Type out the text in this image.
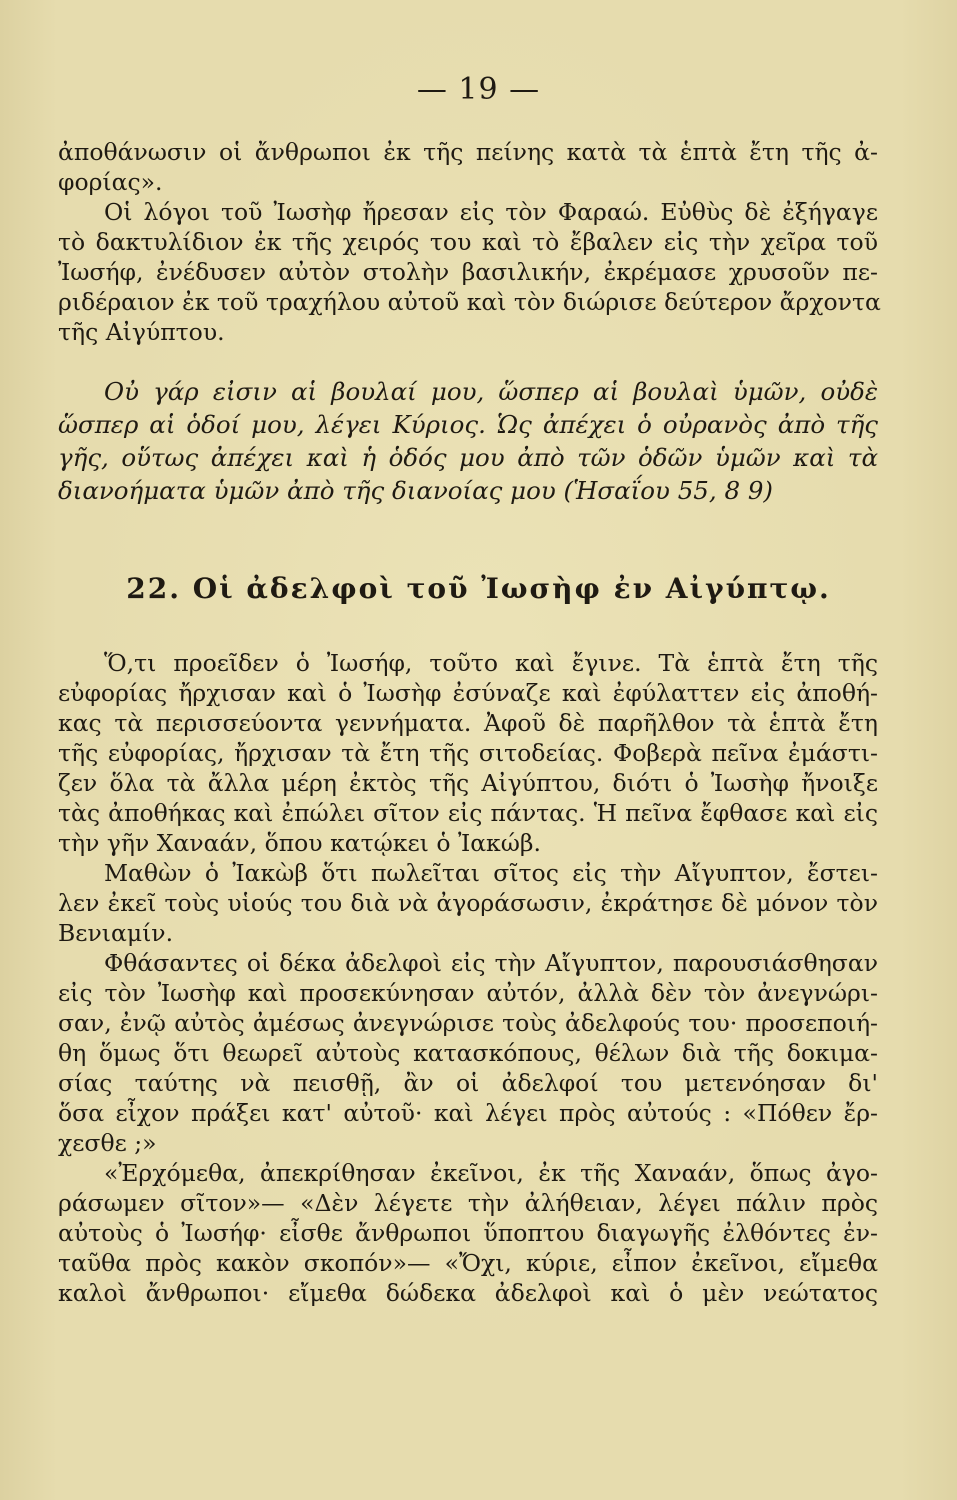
— 19 —
ἀποθάνωσιν οἱ ἄνθρωποι ἐκ τῆς πείνης κατὰ τὰ ἑπτὰ ἔτη τῆς ἀ-
φορίας».
Οἱ λόγοι τοῦ Ἰωσὴφ ἤρεσαν εἰς τὸν Φαραώ. Εὐθὺς δὲ ἐξήγαγε
τὸ δακτυλίδιον ἐκ τῆς χειρός του καὶ τὸ ἔβαλεν εἰς τὴν χεῖρα τοῦ
Ἰωσήφ, ἐνέδυσεν αὐτὸν στολὴν βασιλικήν, ἐκρέμασε χρυσοῦν πε-
ριδέραιον ἐκ τοῦ τραχήλου αὐτοῦ καὶ τὸν διώρισε δεύτερον ἄρχοντα
τῆς Αἰγύπτου.
Οὐ γάρ εἰσιν αἱ βουλαί μου, ὥσπερ αἱ βουλαὶ ὑμῶν, οὐδὲ
ὥσπερ αἱ ὁδοί μου, λέγει Κύριος. Ὡς ἀπέχει ὁ οὐρανὸς ἀπὸ τῆς
γῆς, οὕτως ἀπέχει καὶ ἡ ὁδός μου ἀπὸ τῶν ὁδῶν ὑμῶν καὶ τὰ
διανοήματα ὑμῶν ἀπὸ τῆς διανοίας μου (Ἡσαΐου 55, 8 9)
22. Οἱ ἀδελφοὶ τοῦ Ἰωσὴφ ἐν Αἰγύπτῳ.
Ὅ,τι προεῖδεν ὁ Ἰωσήφ, τοῦτο καὶ ἔγινε. Τὰ ἑπτὰ ἔτη τῆς
εὐφορίας ἤρχισαν καὶ ὁ Ἰωσὴφ ἐσύναζε καὶ ἐφύλαττεν εἰς ἀποθή-
κας τὰ περισσεύοντα γεννήματα. Ἀφοῦ δὲ παρῆλθον τὰ ἑπτὰ ἔτη
τῆς εὐφορίας, ἤρχισαν τὰ ἔτη τῆς σιτοδείας. Φοβερὰ πεῖνα ἐμάστι-
ζεν ὅλα τὰ ἄλλα μέρη ἐκτὸς τῆς Αἰγύπτου, διότι ὁ Ἰωσὴφ ἤνοιξε
τὰς ἀποθήκας καὶ ἐπώλει σῖτον εἰς πάντας. Ἡ πεῖνα ἔφθασε καὶ εἰς
τὴν γῆν Χαναάν, ὅπου κατῴκει ὁ Ἰακώβ.
Μαθὼν ὁ Ἰακὼβ ὅτι πωλεῖται σῖτος εἰς τὴν Αἴγυπτον, ἔστει-
λεν ἐκεῖ τοὺς υἱούς του διὰ νὰ ἀγοράσωσιν, ἐκράτησε δὲ μόνον τὸν
Βενιαμίν.
Φθάσαντες οἱ δέκα ἀδελφοὶ εἰς τὴν Αἴγυπτον, παρουσιάσθησαν
εἰς τὸν Ἰωσὴφ καὶ προσεκύνησαν αὐτόν, ἀλλὰ δὲν τὸν ἀνεγνώρι-
σαν, ἐνῷ αὐτὸς ἀμέσως ἀνεγνώρισε τοὺς ἀδελφούς του· προσεποιή-
θη ὅμως ὅτι θεωρεῖ αὐτοὺς κατασκόπους, θέλων διὰ τῆς δοκιμα-
σίας ταύτης νὰ πεισθῇ, ἂν οἱ ἀδελφοί του μετενόησαν δι'
ὅσα εἶχον πράξει κατ' αὐτοῦ· καὶ λέγει πρὸς αὐτούς : «Πόθεν ἔρ-
χεσθε ;»
«Ἐρχόμεθα, ἀπεκρίθησαν ἐκεῖνοι, ἐκ τῆς Χαναάν, ὅπως ἀγο-
ράσωμεν σῖτον»— «Δὲν λέγετε τὴν ἀλήθειαν, λέγει πάλιν πρὸς
αὐτοὺς ὁ Ἰωσήφ· εἶσθε ἄνθρωποι ὕποπτου διαγωγῆς ἐλθόντες ἐν-
ταῦθα πρὸς κακὸν σκοπόν»— «Ὄχι, κύριε, εἶπον ἐκεῖνοι, εἴμεθα
καλοὶ ἄνθρωποι· εἴμεθα δώδεκα ἀδελφοὶ καὶ ὁ μὲν νεώτατος
